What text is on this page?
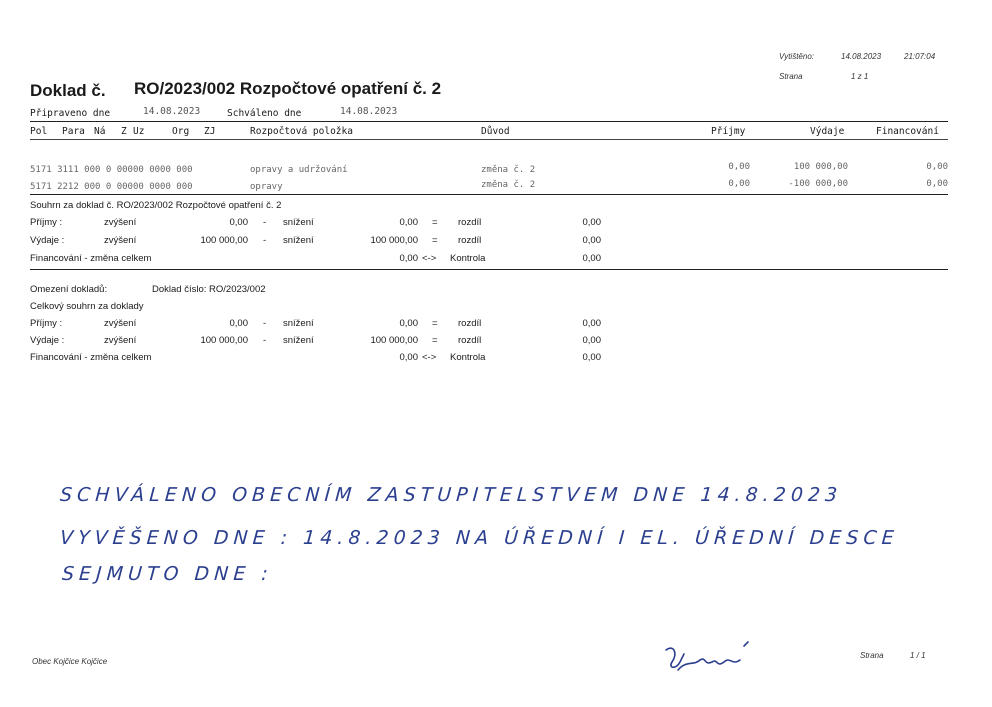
Vytištěno:	14.08.2023	21:07:04
Strana	1 z 1
Doklad č. RO/2023/002 Rozpočtové opatření č. 2
Připraveno dne	14.08.2023	Schváleno dne	14.08.2023
Pol Para Ná Z Uz	Org ZJ	Rozpočtová položka	Důvod	Příjmy	Výdaje	Financování
5171 3111 000 0 00000 0000 000	opravy a udržování	změna č. 2	0,00	100 000,00	0,00
5171 2212 000 0 00000 0000 000	opravy	změna č. 2	0,00	-100 000,00	0,00
Souhrn za doklad č. RO/2023/002 Rozpočtové opatření č. 2
Příjmy :	zvýšení	0,00 - snížení	0,00 = rozdíl	0,00
Výdaje :	zvýšení	100 000,00 - snížení	100 000,00 = rozdíl	0,00
Financování - změna celkem	0,00 <-> Kontrola	0,00
Omezení dokladů:	Doklad číslo: RO/2023/002
Celkový souhrn za doklady
Příjmy :	zvýšení	0,00 - snížení	0,00 = rozdíl	0,00
Výdaje :	zvýšení	100 000,00 - snížení	100 000,00 = rozdíl	0,00
Financování - změna celkem	0,00 <-> Kontrola	0,00
SCHVÁLENO OBECNÍM ZASTUPITELSTVEM DNE 14.8.2023
VYVĚŠENO DNE : 14.8.2023 NA ÚŘEDNÍ I EL. ÚŘEDNÍ DESCE
SEJMUTO DNE :
Obec Kojčice Kojčice
Strana	1 / 1
